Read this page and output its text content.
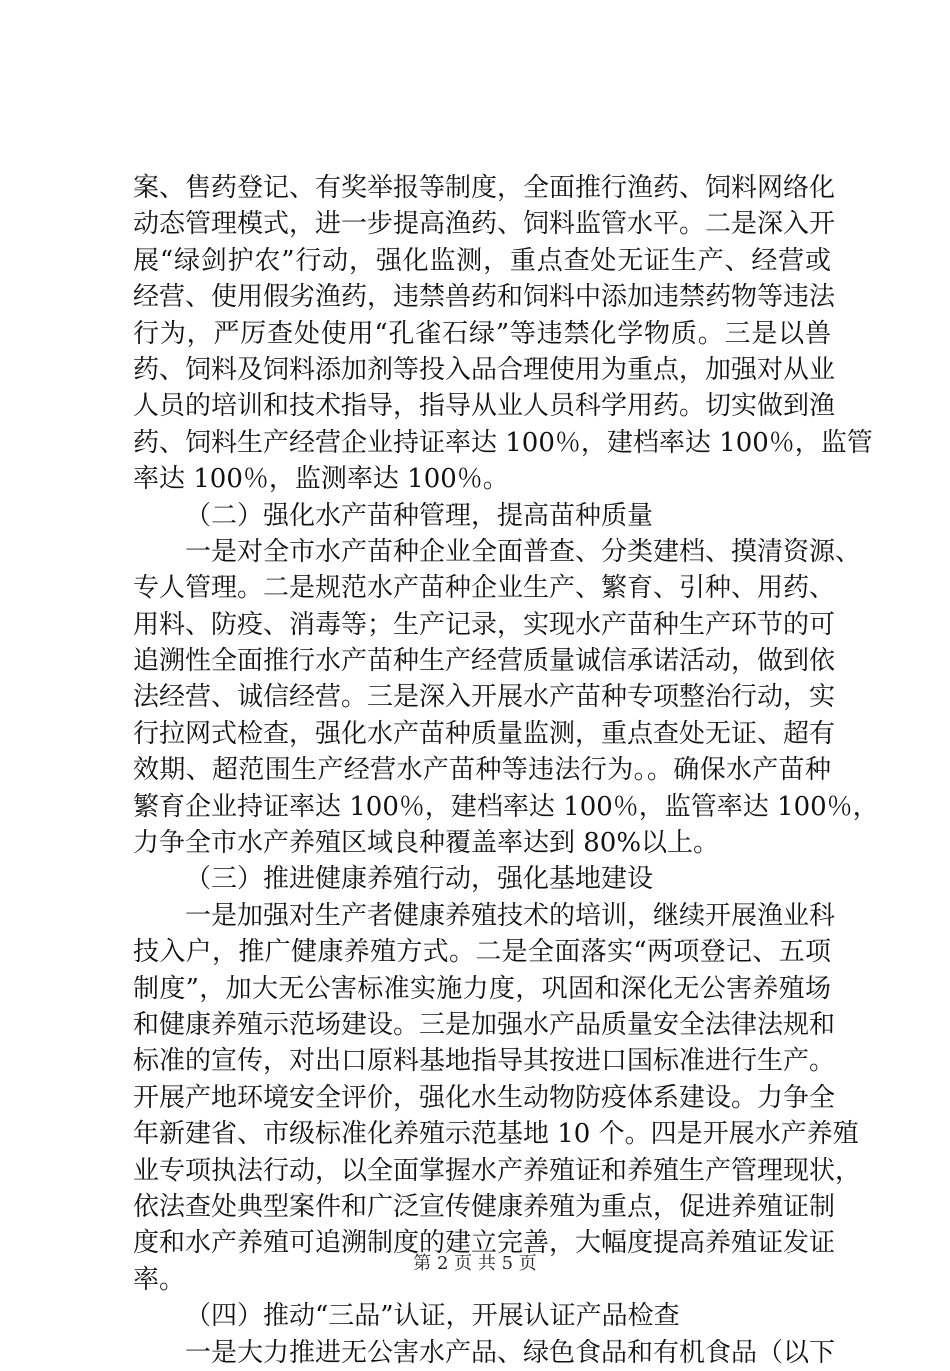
案、售药登记、有奖举报等制度，全面推行渔药、饲料网络化
动态管理模式，进一步提高渔药、饲料监管水平。二是深入开
展“绿剑护农”行动，强化监测，重点查处无证生产、经营或
经营、使用假劣渔药，违禁兽药和饲料中添加违禁药物等违法
行为，严厉查处使用“孔雀石绿”等违禁化学物质。三是以兽
药、饲料及饲料添加剂等投入品合理使用为重点，加强对从业
人员的培训和技术指导，指导从业人员科学用药。切实做到渔
药、饲料生产经营企业持证率达 100％，建档率达 100％，监管
率达 100％，监测率达 100％。
（二）强化水产苗种管理，提高苗种质量
一是对全市水产苗种企业全面普查、分类建档、摸清资源、
专人管理。二是规范水产苗种企业生产、繁育、引种、用药、
用料、防疫、消毒等；生产记录，实现水产苗种生产环节的可
追溯性全面推行水产苗种生产经营质量诚信承诺活动，做到依
法经营、诚信经营。三是深入开展水产苗种专项整治行动，实
行拉网式检查，强化水产苗种质量监测，重点查处无证、超有
效期、超范围生产经营水产苗种等违法行为。。确保水产苗种
繁育企业持证率达 100％，建档率达 100％，监管率达 100％，
力争全市水产养殖区域良种覆盖率达到 80%以上。
（三）推进健康养殖行动，强化基地建设
一是加强对生产者健康养殖技术的培训，继续开展渔业科
技入户，推广健康养殖方式。二是全面落实“两项登记、五项
制度”，加大无公害标准实施力度，巩固和深化无公害养殖场
和健康养殖示范场建设。三是加强水产品质量安全法律法规和
标准的宣传，对出口原料基地指导其按进口国标准进行生产。
开展产地环境安全评价，强化水生动物防疫体系建设。力争全
年新建省、市级标准化养殖示范基地 10 个。四是开展水产养殖
业专项执法行动，以全面掌握水产养殖证和养殖生产管理现状，
依法查处典型案件和广泛宣传健康养殖为重点，促进养殖证制
度和水产养殖可追溯制度的建立完善，大幅度提高养殖证发证
率。
（四）推动“三品”认证，开展认证产品检查
一是大力推进无公害水产品、绿色食品和有机食品（以下
第 2 页 共 5 页
